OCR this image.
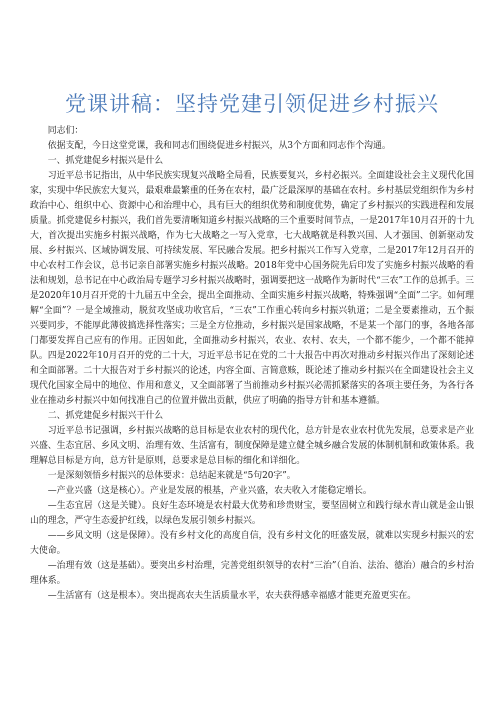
党课讲稿：坚持党建引领促进乡村振兴

同志们：

依据支配，今日这堂党课，我和同志们围绕促进乡村振兴，从3个方面和同志作个沟通。

一、抓党建促乡村振兴是什么

习近平总书记指出，从中华民族实现复兴战略全局看，民族要复兴，乡村必振兴。全面建设社会主义现代化国家，实现中华民族宏大复兴，最艰难最繁重的任务在农村，最广泛最深厚的基础在农村。乡村基层党组织作为乡村政治中心、组织中心、资源中心和治理中心，具有巨大的组织优势和制度优势，确定了乡村振兴的实践进程和发展质量。抓党建促乡村振兴，我们首先要清晰知道乡村振兴战略的三个重要时间节点，一是2017年10月召开的十九大，首次提出实施乡村振兴战略，作为七大战略之一写入党章，七大战略就是科教兴国、人才强国、创新驱动发展、乡村振兴、区域协调发展、可持续发展、军民融合发展。把乡村振兴工作写入党章，二是2017年12月召开的中心农村工作会议，总书记亲自部署实施乡村振兴战略。2018年党中心国务院先后印发了实施乡村振兴战略的看法和规划，总书记在中心政治局专题学习乡村振兴战略时，强调要把这一战略作为新时代“三农”工作的总抓手。三是2020年10月召开党的十九届五中全会，提出全面推动、全面实施乡村振兴战略，特殊强调“全面”二字。如何理解“全面”？一是全域推动，脱贫攻坚成功收官后，“三农”工作重心转向乡村振兴轨道；二是全要素推动，五个振兴要同步，不能厚此薄彼搞选择性落实；三是全方位推动，乡村振兴是国家战略，不是某一个部门的事，各地各部门都要发挥自己应有的作用。正因如此，全面推动乡村振兴，农业、农村、农夫，一个都不能少，一个都不能掉队。四是2022年10月召开的党的二十大，习近平总书记在党的二十大报告中再次对推动乡村振兴作出了深刻论述和全面部署。二十大报告对于乡村振兴的论述，内容全面、言简意赅，既论述了推动乡村振兴在全面建设社会主义现代化国家全局中的地位、作用和意义，又全面部署了当前推动乡村振兴必需抓紧落实的各项主要任务，为各行各业在推动乡村振兴中如何找准自己的位置并做出贡献，供应了明确的指导方针和基本遵循。

二、抓党建促乡村振兴干什么

习近平总书记强调，乡村振兴战略的总目标是农业农村的现代化，总方针是农业农村优先发展，总要求是产业兴盛、生态宜居、乡风文明、治理有效、生活富有，制度保障是建立健全城乡融合发展的体制机制和政策体系。我理解总目标是方向，总方针是原则，总要求是总目标的细化和详细化。

一是深刻领悟乡村振兴的总体要求：总结起来就是“5句20字”。

—产业兴盛（这是核心）。产业是发展的根基，产业兴盛，农夫收入才能稳定增长。

—生态宜居（这是关键）。良好生态环境是农村最大优势和珍贵财宝，要坚固树立和践行绿水青山就是金山银山的理念，严守生态爱护红线，以绿色发展引领乡村振兴。

——乡风文明（这是保障）。没有乡村文化的高度自信，没有乡村文化的旺盛发展，就难以实现乡村振兴的宏大使命。

—治理有效（这是基础）。要突出乡村治理，完善党组织领导的农村“三治”（自治、法治、德治）融合的乡村治理体系。

—生活富有（这是根本）。突出提高农夫生活质量水平，农夫获得感幸福感才能更充盈更实在。
